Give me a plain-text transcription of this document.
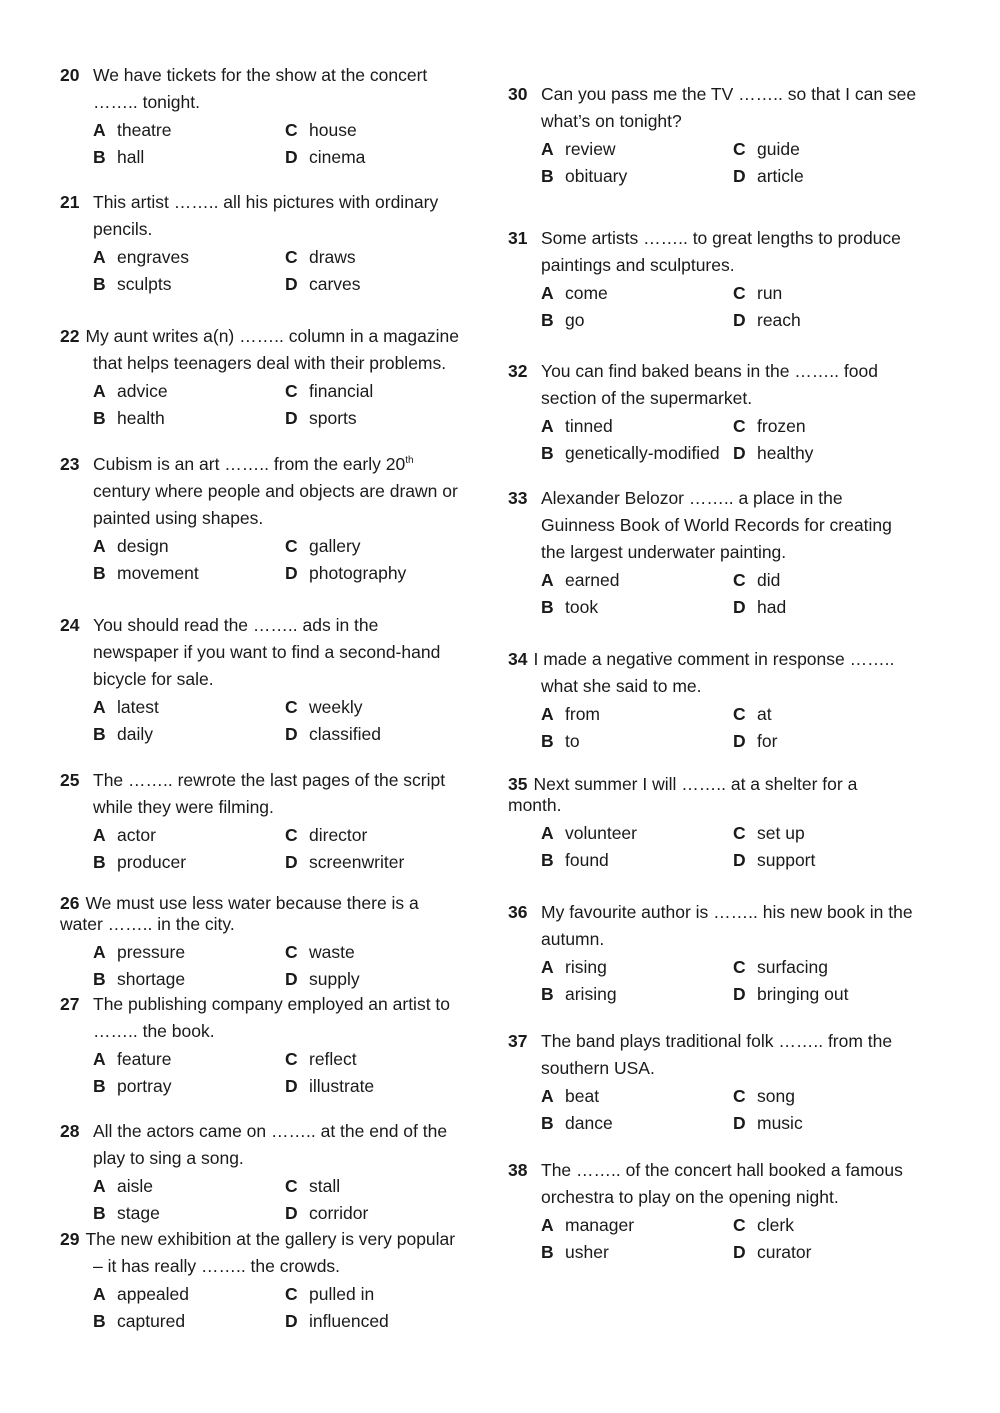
20 We have tickets for the show at the concert
…….. tonight.
A theatre
B hall
C house
D cinema
21 This artist …….. all his pictures with ordinary
pencils.
A engraves
B sculpts
C draws
D carves
22 My aunt writes a(n) …….. column in a magazine
that helps teenagers deal with their problems.
A advice
B health
C financial
D sports
23 Cubism is an art …….. from the early 20th
century where people and objects are drawn or
painted using shapes.
A design
B movement
C gallery
D photography
24 You should read the …….. ads in the
newspaper if you want to find a second-hand
bicycle for sale.
A latest
B daily
C weekly
D classified
25 The …….. rewrote the last pages of the script
while they were filming.
A actor
B producer
C director
D screenwriter
26 We must use less water because there is a
water …….. in the city.
A pressure
B shortage
C waste
D supply
27 The publishing company employed an artist to
…….. the book.
A feature
B portray
C reflect
D illustrate
28 All the actors came on …….. at the end of the
play to sing a song.
A aisle
B stage
C stall
D corridor
29 The new exhibition at the gallery is very popular
– it has really …….. the crowds.
A appealed
B captured
C pulled in
D influenced
30 Can you pass me the TV …….. so that I can see
what’s on tonight?
A review
B obituary
C guide
D article
31 Some artists …….. to great lengths to produce
paintings and sculptures.
A come
B go
C run
D reach
32 You can find baked beans in the …….. food
section of the supermarket.
A tinned
B genetically-modified
C frozen
D healthy
33 Alexander Belozor …….. a place in the
Guinness Book of World Records for creating
the largest underwater painting.
A earned
B took
C did
D had
34 I made a negative comment in response ……..
what she said to me.
A from
B to
C at
D for
35 Next summer I will …….. at a shelter for a
month.
A volunteer
B found
C set up
D support
36 My favourite author is …….. his new book in the
autumn.
A rising
B arising
C surfacing
D bringing out
37 The band plays traditional folk …….. from the
southern USA.
A beat
B dance
C song
D music
38 The …….. of the concert hall booked a famous
orchestra to play on the opening night.
A manager
B usher
C clerk
D curator
